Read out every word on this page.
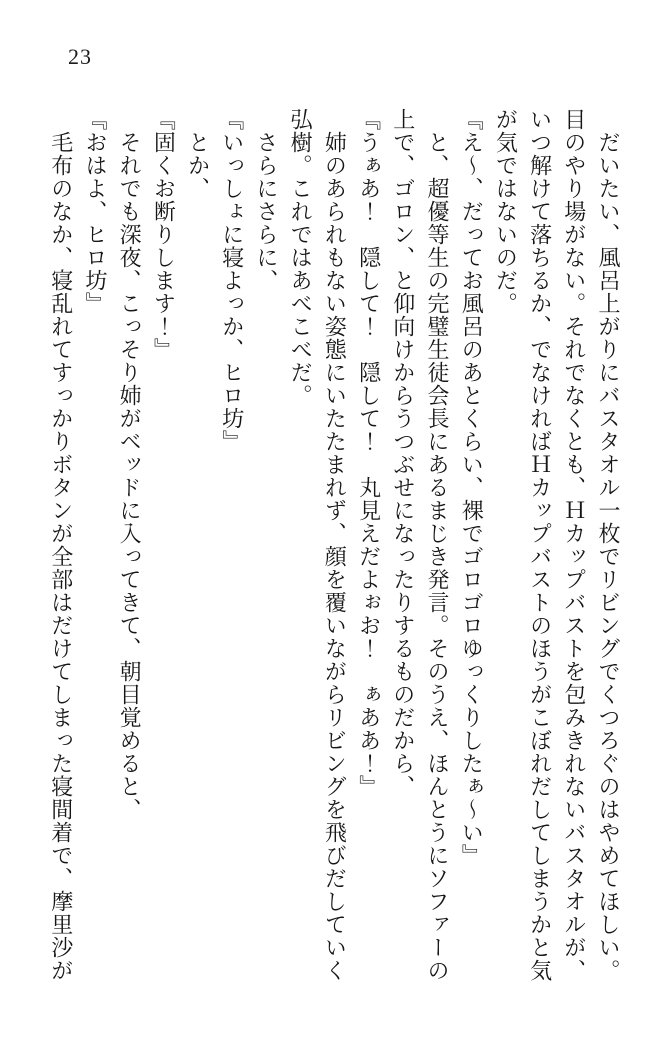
23
　だいたい、風呂上がりにバスタオル一枚でリビングでくつろぐのはやめてほしい。
目のやり場がない。それでなくとも、Ｈカップバストを包みきれないバスタオルが、
いつ解けて落ちるか、でなければＨカップバストのほうがこぼれだしてしまうかと気
が気ではないのだ。
『え〜、だってお風呂のあとくらい、裸でゴロゴロゆっくりしたぁ〜い』
　と、超優等生の完璧生徒会長にあるまじき発言。そのうえ、ほんとうにソファーの
上で、ゴロン、と仰向けからうつぶせになったりするものだから、
『うぁあ！　隠して！　隠して！　丸見えだよぉお！　ぁああ！』
　姉のあられもない姿態にいたたまれず、顔を覆いながらリビングを飛びだしていく
弘樹。これではあべこべだ。
　さらにさらに、
『いっしょに寝よっか、ヒロ坊』
　とか、
『固くお断りします！』
　それでも深夜、こっそり姉がベッドに入ってきて、朝目覚めると、
『おはよ、ヒロ坊』
　毛布のなか、寝乱れてすっかりボタンが全部はだけてしまった寝間着で、摩里沙が
